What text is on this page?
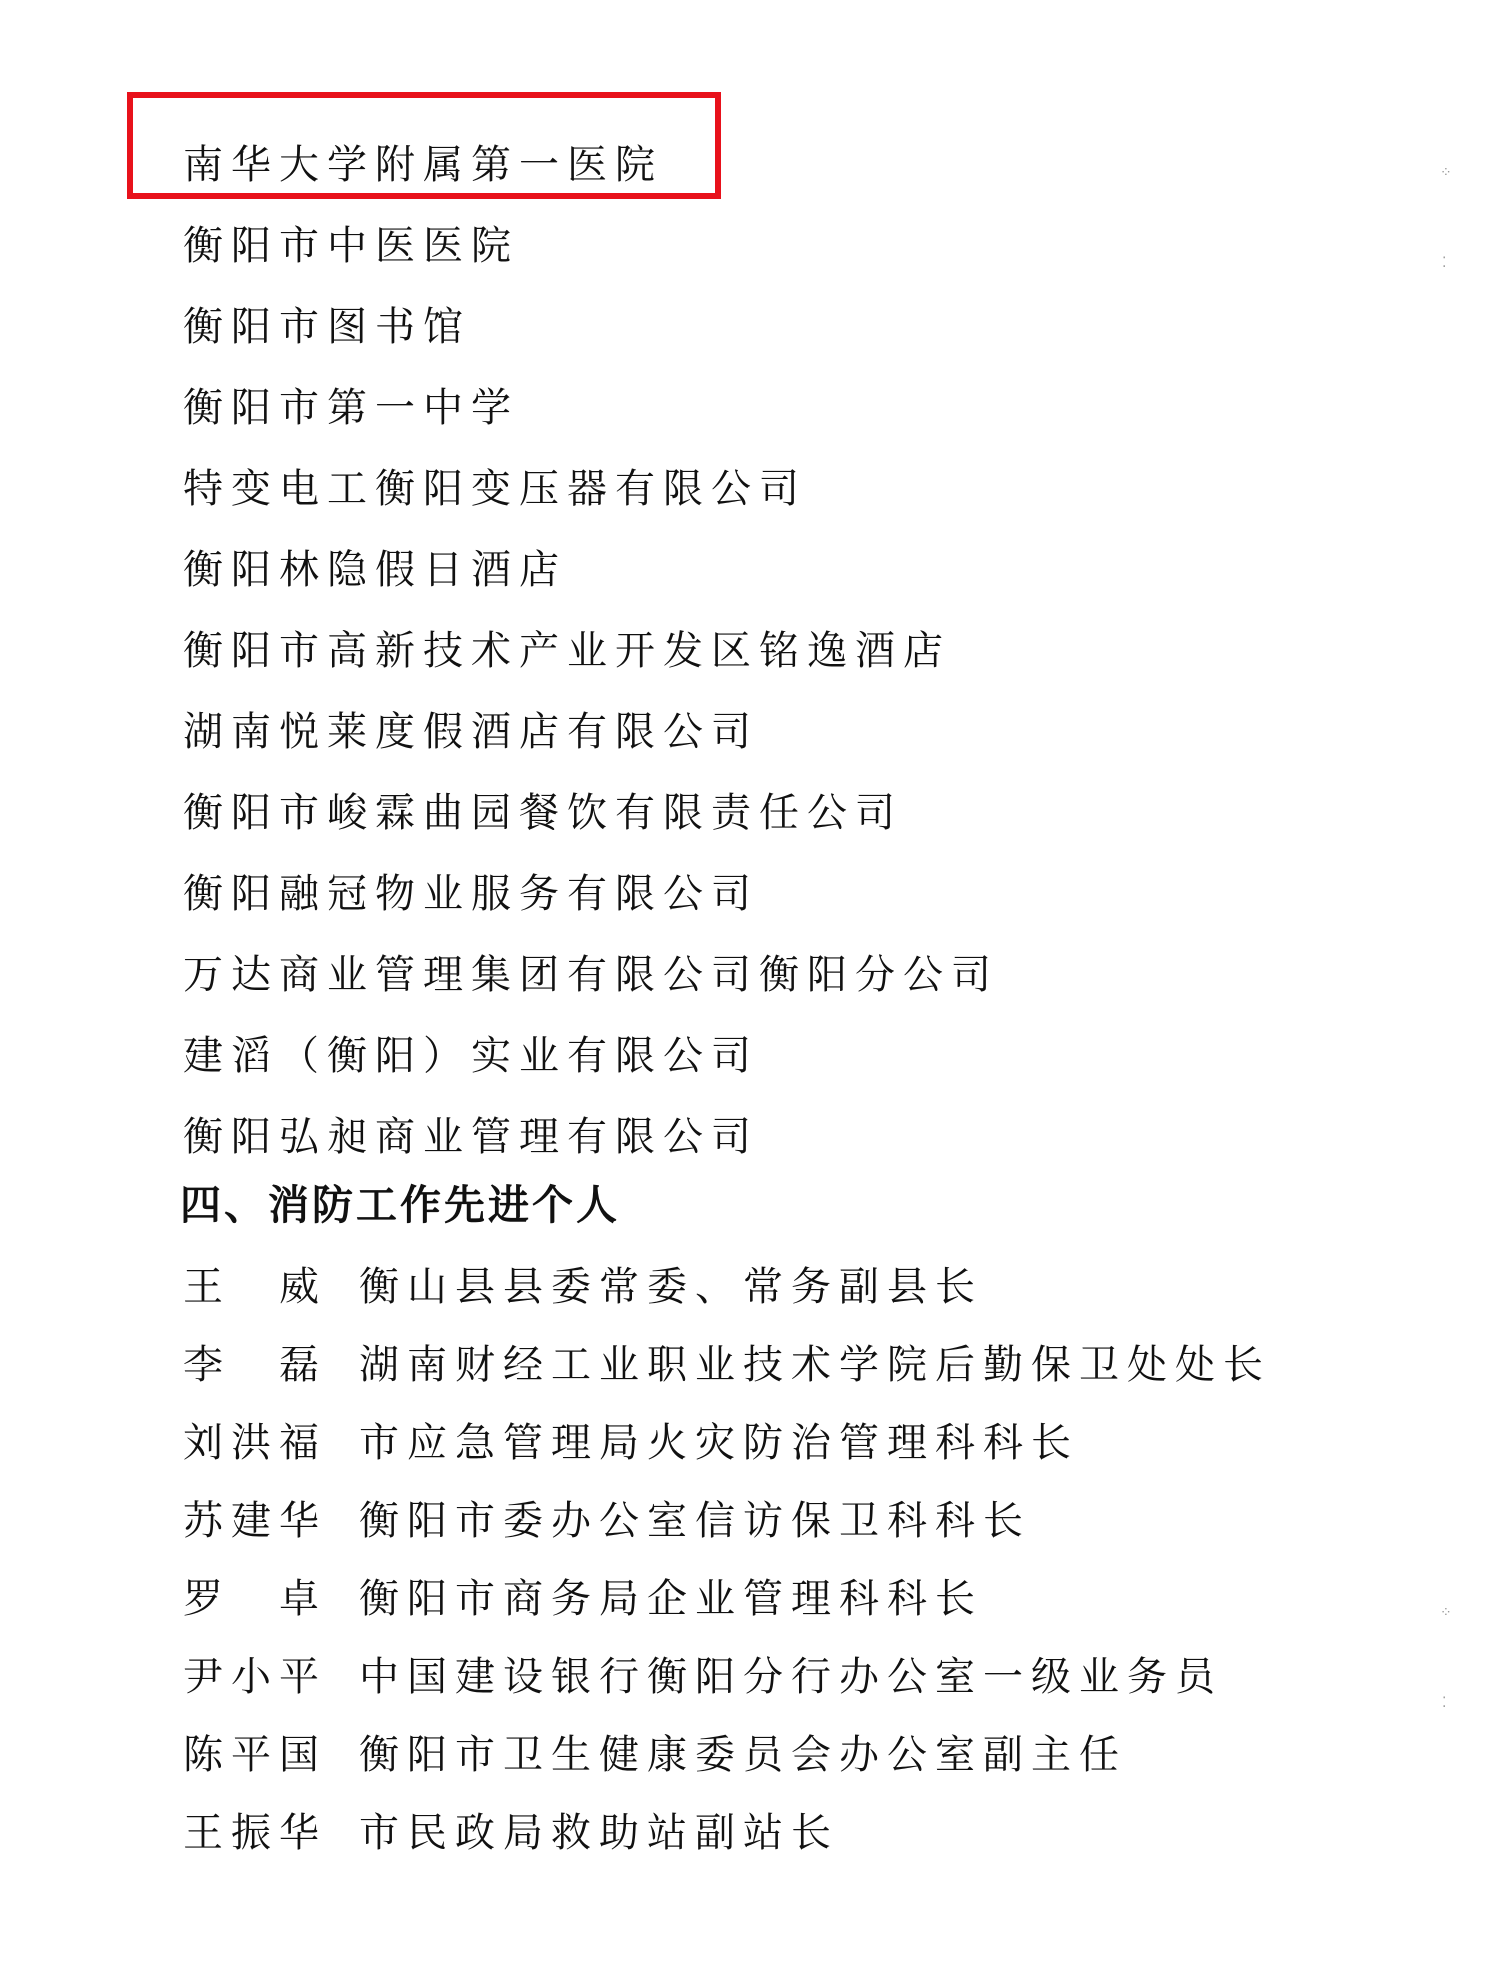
南华大学附属第一医院
衡阳市中医医院
衡阳市图书馆
衡阳市第一中学
特变电工衡阳变压器有限公司
衡阳林隐假日酒店
衡阳市高新技术产业开发区铭逸酒店
湖南悦莱度假酒店有限公司
衡阳市峻霖曲园餐饮有限责任公司
衡阳融冠物业服务有限公司
万达商业管理集团有限公司衡阳分公司
建滔（衡阳）实业有限公司
衡阳弘昶商业管理有限公司
四、消防工作先进个人
王　威 衡山县县委常委、常务副县长
李　磊 湖南财经工业职业技术学院后勤保卫处处长
刘洪福 市应急管理局火灾防治管理科科长
苏建华 衡阳市委办公室信访保卫科科长
罗　卓 衡阳市商务局企业管理科科长
尹小平 中国建设银行衡阳分行办公室一级业务员
陈平国 衡阳市卫生健康委员会办公室副主任
王振华 市民政局救助站副站长
⁘
⁚
⁘
⁚
